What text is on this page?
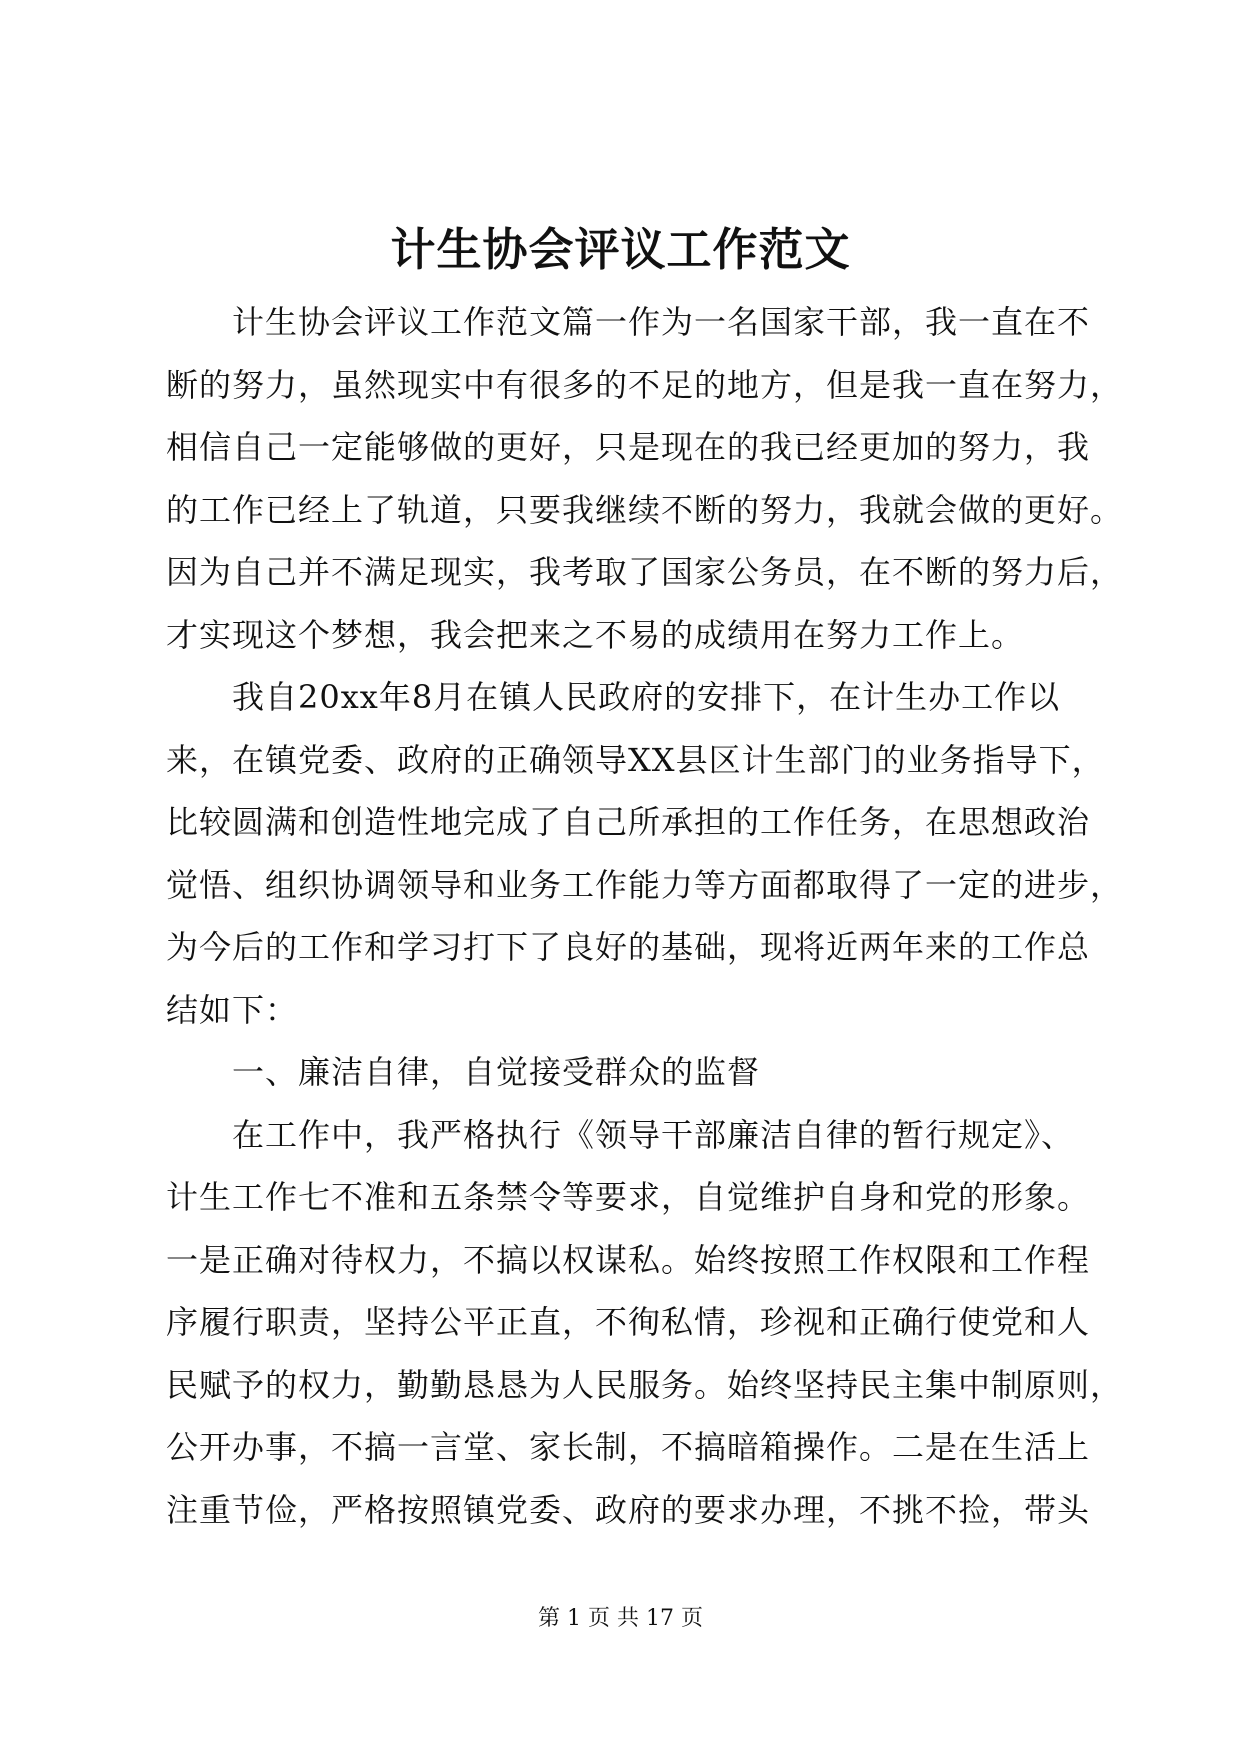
计生协会评议工作范文
　　计生协会评议工作范文篇一作为一名国家干部，我一直在不
断的努力，虽然现实中有很多的不足的地方，但是我一直在努力，
相信自己一定能够做的更好，只是现在的我已经更加的努力，我
的工作已经上了轨道，只要我继续不断的努力，我就会做的更好。
因为自己并不满足现实，我考取了国家公务员，在不断的努力后，
才实现这个梦想，我会把来之不易的成绩用在努力工作上。
　　我自20xx年8月在镇人民政府的安排下，在计生办工作以
来，在镇党委、政府的正确领导XX县区计生部门的业务指导下，
比较圆满和创造性地完成了自己所承担的工作任务，在思想政治
觉悟、组织协调领导和业务工作能力等方面都取得了一定的进步，
为今后的工作和学习打下了良好的基础，现将近两年来的工作总
结如下：
　　一、廉洁自律，自觉接受群众的监督
　　在工作中，我严格执行《领导干部廉洁自律的暂行规定》、
计生工作七不准和五条禁令等要求，自觉维护自身和党的形象。
一是正确对待权力，不搞以权谋私。始终按照工作权限和工作程
序履行职责，坚持公平正直，不徇私情，珍视和正确行使党和人
民赋予的权力，勤勤恳恳为人民服务。始终坚持民主集中制原则，
公开办事，不搞一言堂、家长制，不搞暗箱操作。二是在生活上
注重节俭，严格按照镇党委、政府的要求办理，不挑不捡，带头
第 1 页 共 17 页
